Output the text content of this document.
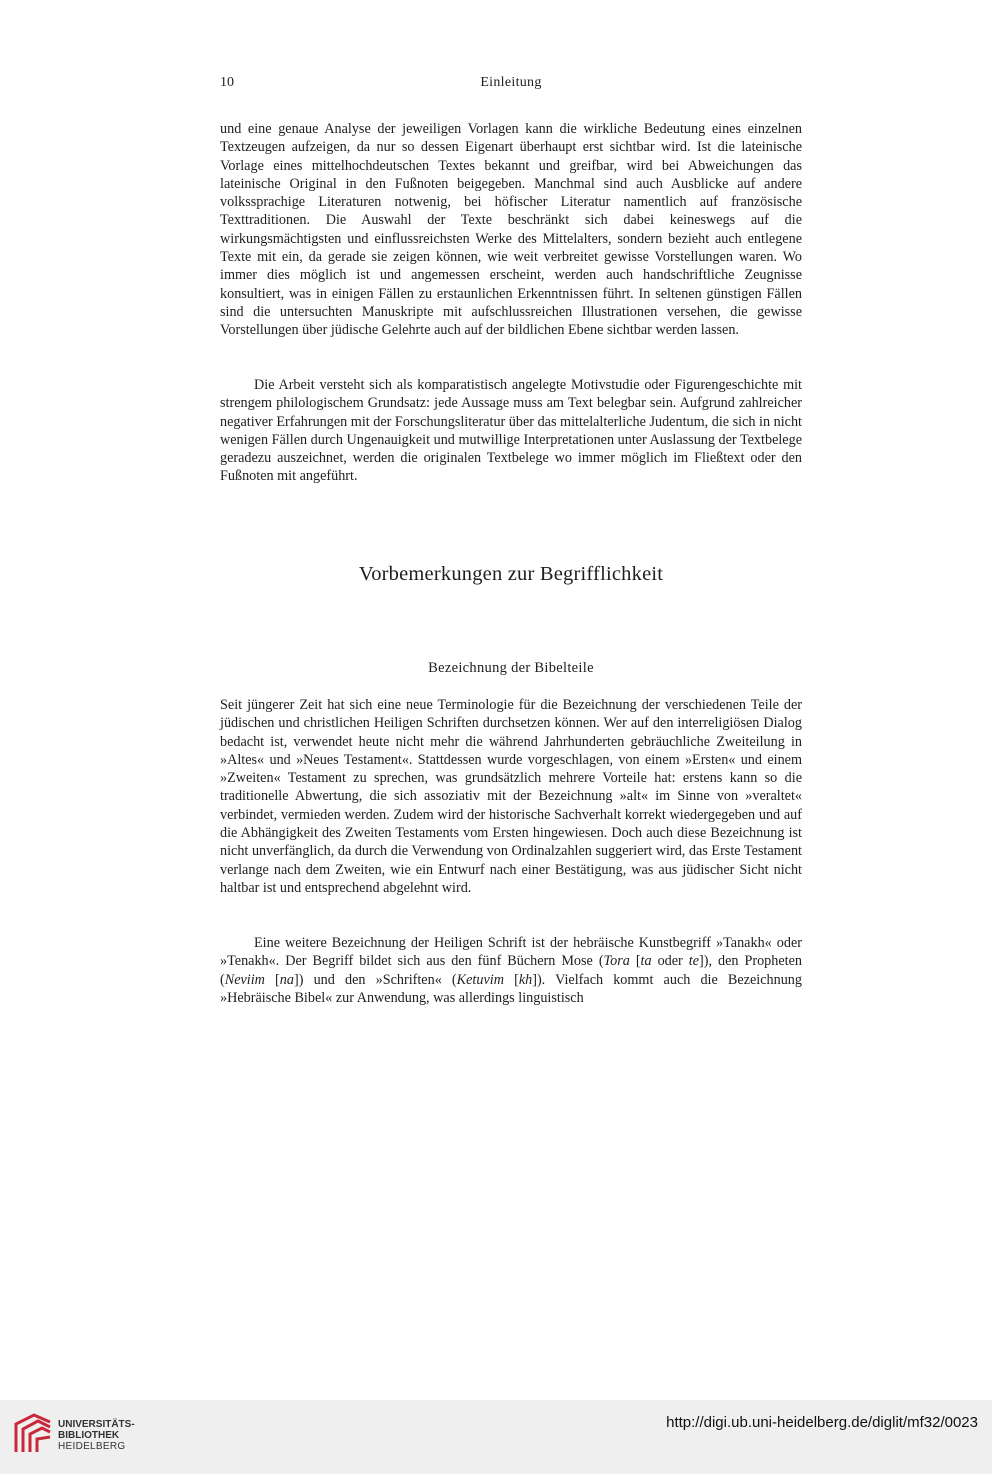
10	Einleitung

und eine genaue Analyse der jeweiligen Vorlagen kann die wirkliche Bedeutung eines einzelnen Textzeugen aufzeigen, da nur so dessen Eigenart überhaupt erst sichtbar wird. Ist die lateinische Vorlage eines mittelhochdeutschen Textes bekannt und greifbar, wird bei Abweichungen das lateinische Original in den Fußnoten beigegeben. Manchmal sind auch Ausblicke auf andere volkssprachige Literaturen notwenig, bei höfischer Literatur namentlich auf französische Texttraditionen. Die Auswahl der Texte beschränkt sich dabei keineswegs auf die wirkungsmächtigsten und einflussreichsten Werke des Mittelalters, sondern bezieht auch entlegene Texte mit ein, da gerade sie zeigen können, wie weit verbreitet gewisse Vorstellungen waren. Wo immer dies möglich ist und angemessen erscheint, werden auch handschriftliche Zeugnisse konsultiert, was in einigen Fällen zu erstaunlichen Erkenntnissen führt. In seltenen günstigen Fällen sind die untersuchten Manuskripte mit aufschlussreichen Illustrationen versehen, die gewisse Vorstellungen über jüdische Gelehrte auch auf der bildlichen Ebene sichtbar werden lassen.

Die Arbeit versteht sich als komparatistisch angelegte Motivstudie oder Figurengeschichte mit strengem philologischem Grundsatz: jede Aussage muss am Text belegbar sein. Aufgrund zahlreicher negativer Erfahrungen mit der Forschungsliteratur über das mittelalterliche Judentum, die sich in nicht wenigen Fällen durch Ungenauigkeit und mutwillige Interpretationen unter Auslassung der Textbelege geradezu auszeichnet, werden die originalen Textbelege wo immer möglich im Fließtext oder den Fußnoten mit angeführt.

Vorbemerkungen zur Begrifflichkeit
Bezeichnung der Bibelteile

Seit jüngerer Zeit hat sich eine neue Terminologie für die Bezeichnung der verschiedenen Teile der jüdischen und christlichen Heiligen Schriften durchsetzen können. Wer auf den interreligiösen Dialog bedacht ist, verwendet heute nicht mehr die während Jahrhunderten gebräuchliche Zweiteilung in »Altes« und »Neues Testament«. Stattdessen wurde vorgeschlagen, von einem »Ersten« und einem »Zweiten« Testament zu sprechen, was grundsätzlich mehrere Vorteile hat: erstens kann so die traditionelle Abwertung, die sich assoziativ mit der Bezeichnung »alt« im Sinne von »veraltet« verbindet, vermieden werden. Zudem wird der historische Sachverhalt korrekt wiedergegeben und auf die Abhängigkeit des Zweiten Testaments vom Ersten hingewiesen. Doch auch diese Bezeichnung ist nicht unverfänglich, da durch die Verwendung von Ordinalzahlen suggeriert wird, das Erste Testament verlange nach dem Zweiten, wie ein Entwurf nach einer Bestätigung, was aus jüdischer Sicht nicht haltbar ist und entsprechend abgelehnt wird.

Eine weitere Bezeichnung der Heiligen Schrift ist der hebräische Kunstbegriff »Tanakh« oder »Tenakh«. Der Begriff bildet sich aus den fünf Büchern Mose (Tora [ta oder te]), den Propheten (Neviim [na]) und den »Schriften« (Ketuvim [kh]). Vielfach kommt auch die Bezeichnung »Hebräische Bibel« zur Anwendung, was allerdings linguistisch

UNIVERSITÄTS-
BIBLIOTHEK
HEIDELBERG
http://digi.ub.uni-heidelberg.de/diglit/mf32/0023
